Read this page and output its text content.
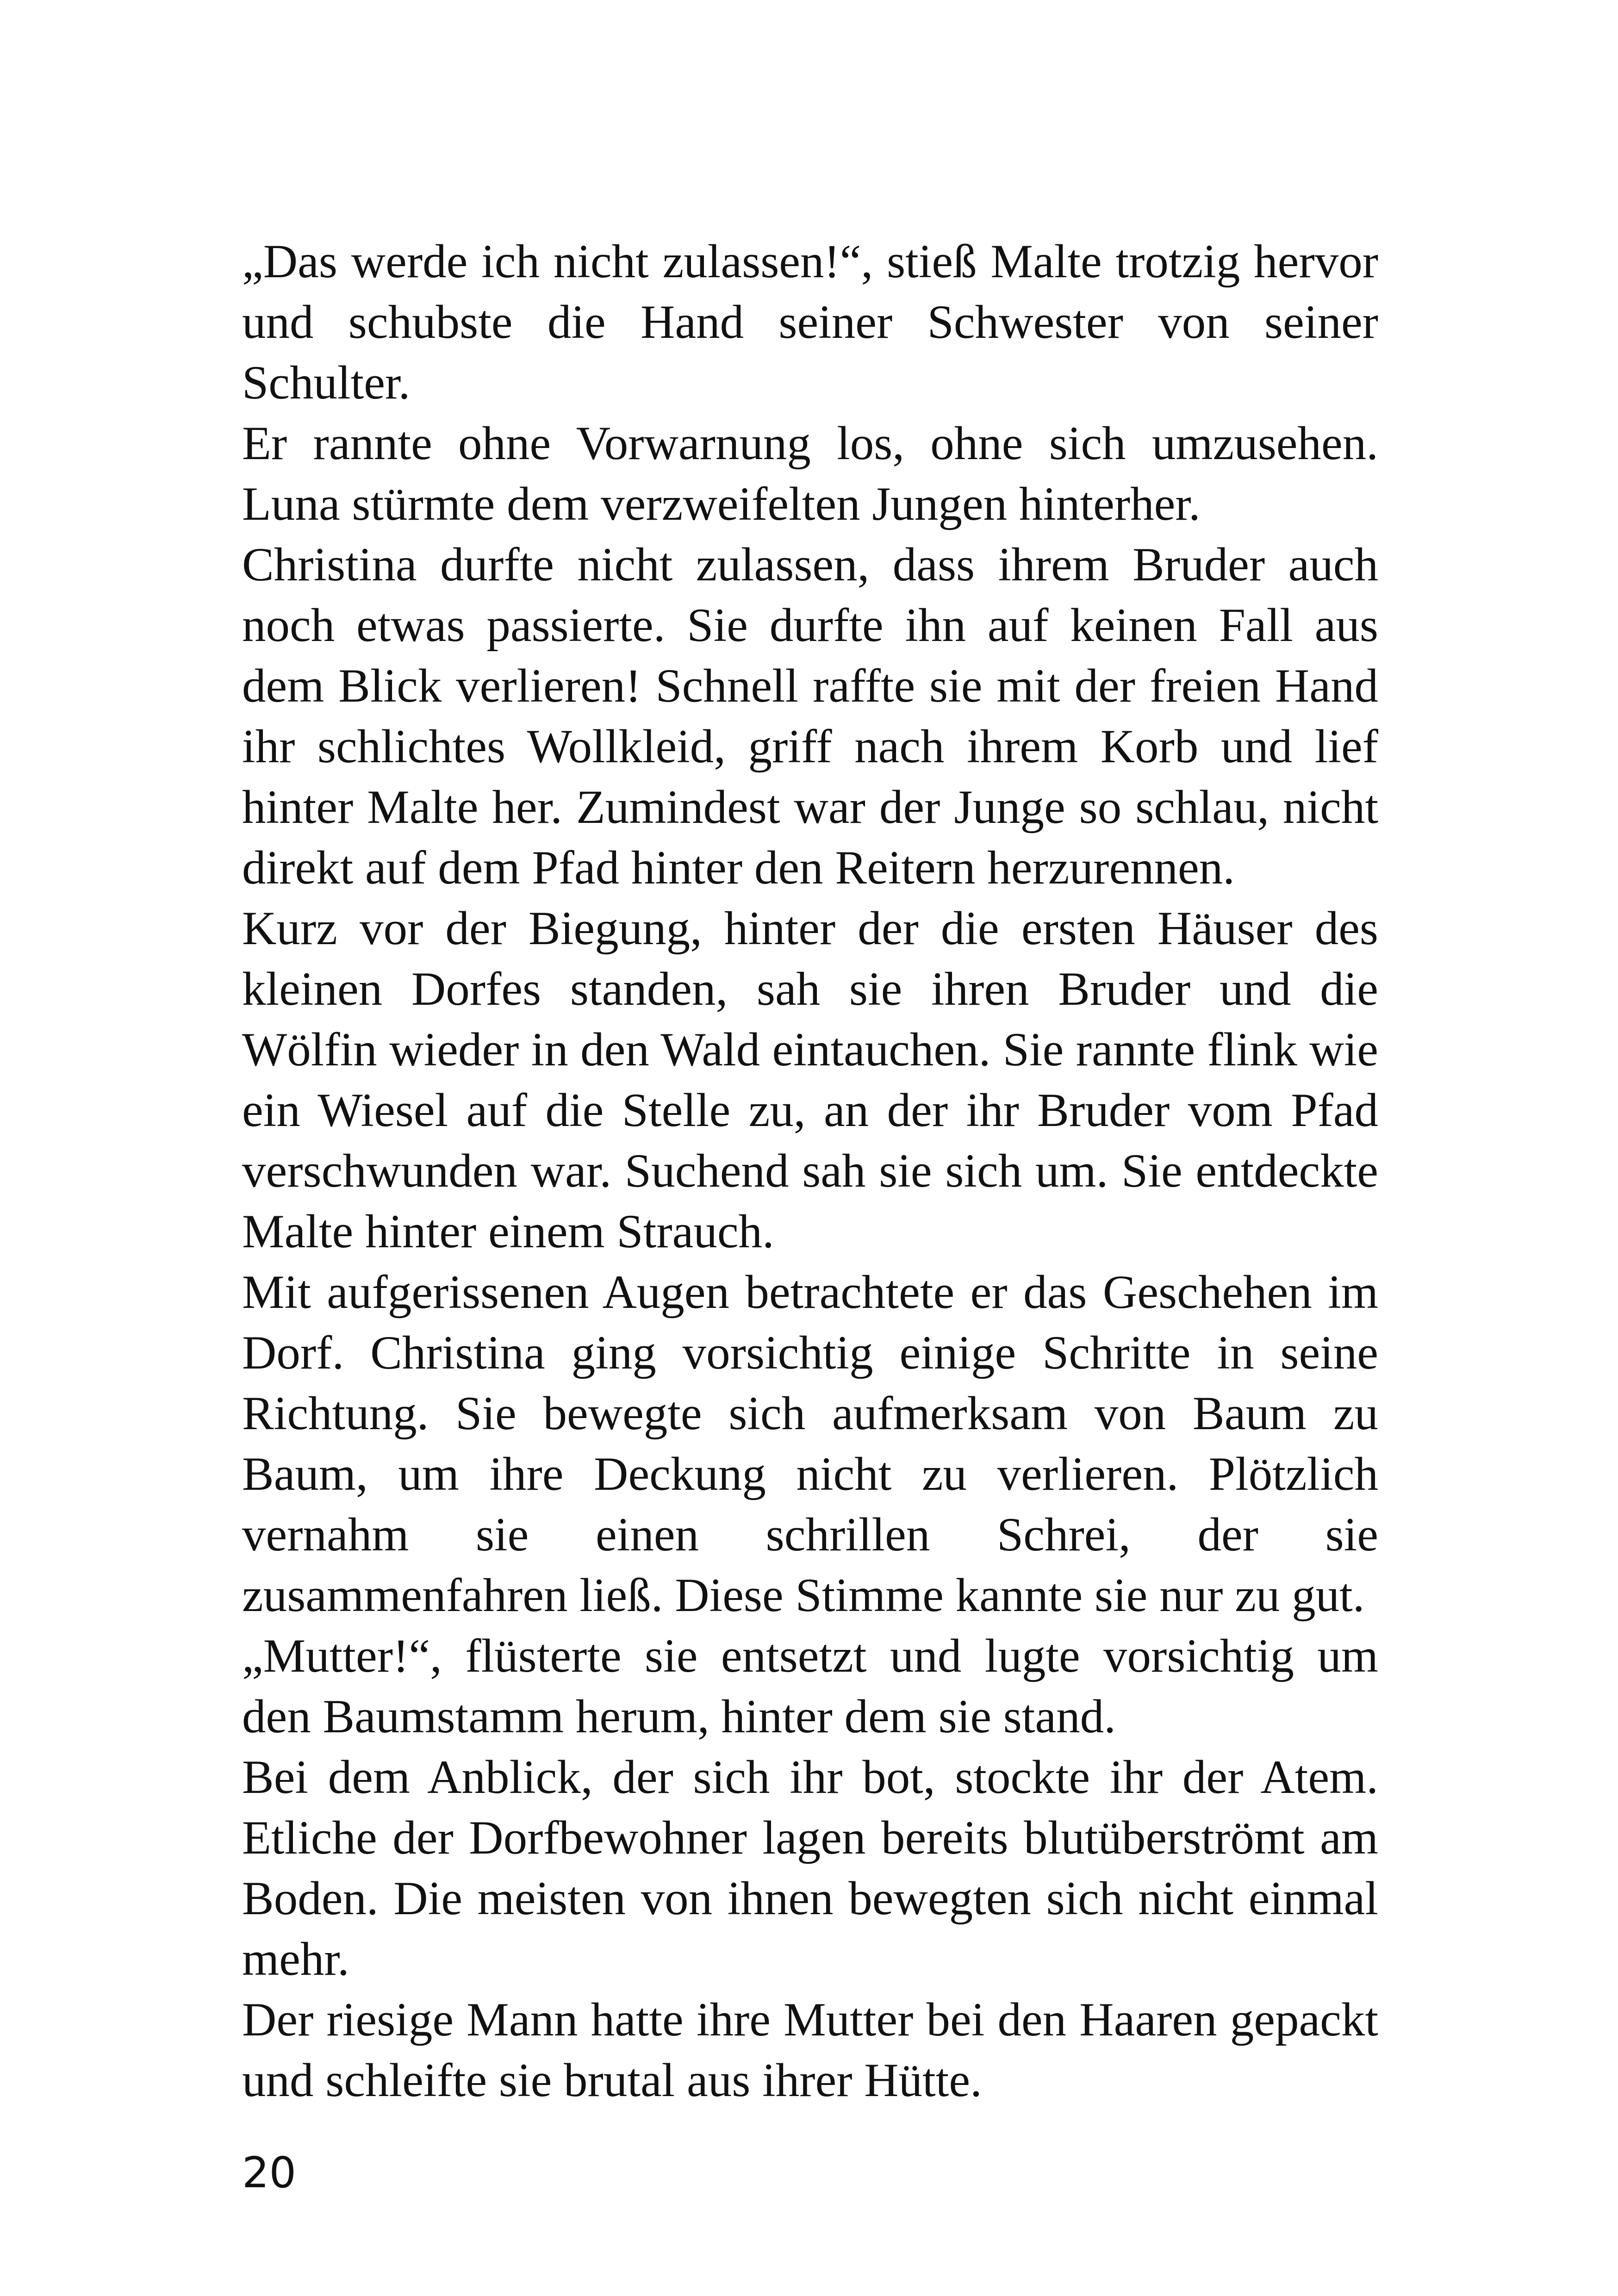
„Das werde ich nicht zulassen!“, stieß Malte trotzig hervor und schubste die Hand seiner Schwester von seiner Schulter.

Er rannte ohne Vorwarnung los, ohne sich umzusehen. Luna stürmte dem verzweifelten Jungen hinterher.

Christina durfte nicht zulassen, dass ihrem Bruder auch noch etwas passierte. Sie durfte ihn auf keinen Fall aus dem Blick verlieren! Schnell raffte sie mit der freien Hand ihr schlichtes Wollkleid, griff nach ihrem Korb und lief hinter Malte her. Zumindest war der Junge so schlau, nicht direkt auf dem Pfad hinter den Reitern herzurennen.

Kurz vor der Biegung, hinter der die ersten Häuser des kleinen Dorfes standen, sah sie ihren Bruder und die Wölfin wieder in den Wald eintauchen. Sie rannte flink wie ein Wiesel auf die Stelle zu, an der ihr Bruder vom Pfad verschwunden war. Suchend sah sie sich um. Sie entdeckte Malte hinter einem Strauch.

Mit aufgerissenen Augen betrachtete er das Geschehen im Dorf. Christina ging vorsichtig einige Schritte in seine Richtung. Sie bewegte sich aufmerksam von Baum zu Baum, um ihre Deckung nicht zu verlieren. Plötzlich vernahm sie einen schrillen Schrei, der sie zusammenfahren ließ. Diese Stimme kannte sie nur zu gut.

„Mutter!“, flüsterte sie entsetzt und lugte vorsichtig um den Baumstamm herum, hinter dem sie stand.

Bei dem Anblick, der sich ihr bot, stockte ihr der Atem. Etliche der Dorfbewohner lagen bereits blutüberströmt am Boden. Die meisten von ihnen bewegten sich nicht einmal mehr.

Der riesige Mann hatte ihre Mutter bei den Haaren gepackt und schleifte sie brutal aus ihrer Hütte.

20
